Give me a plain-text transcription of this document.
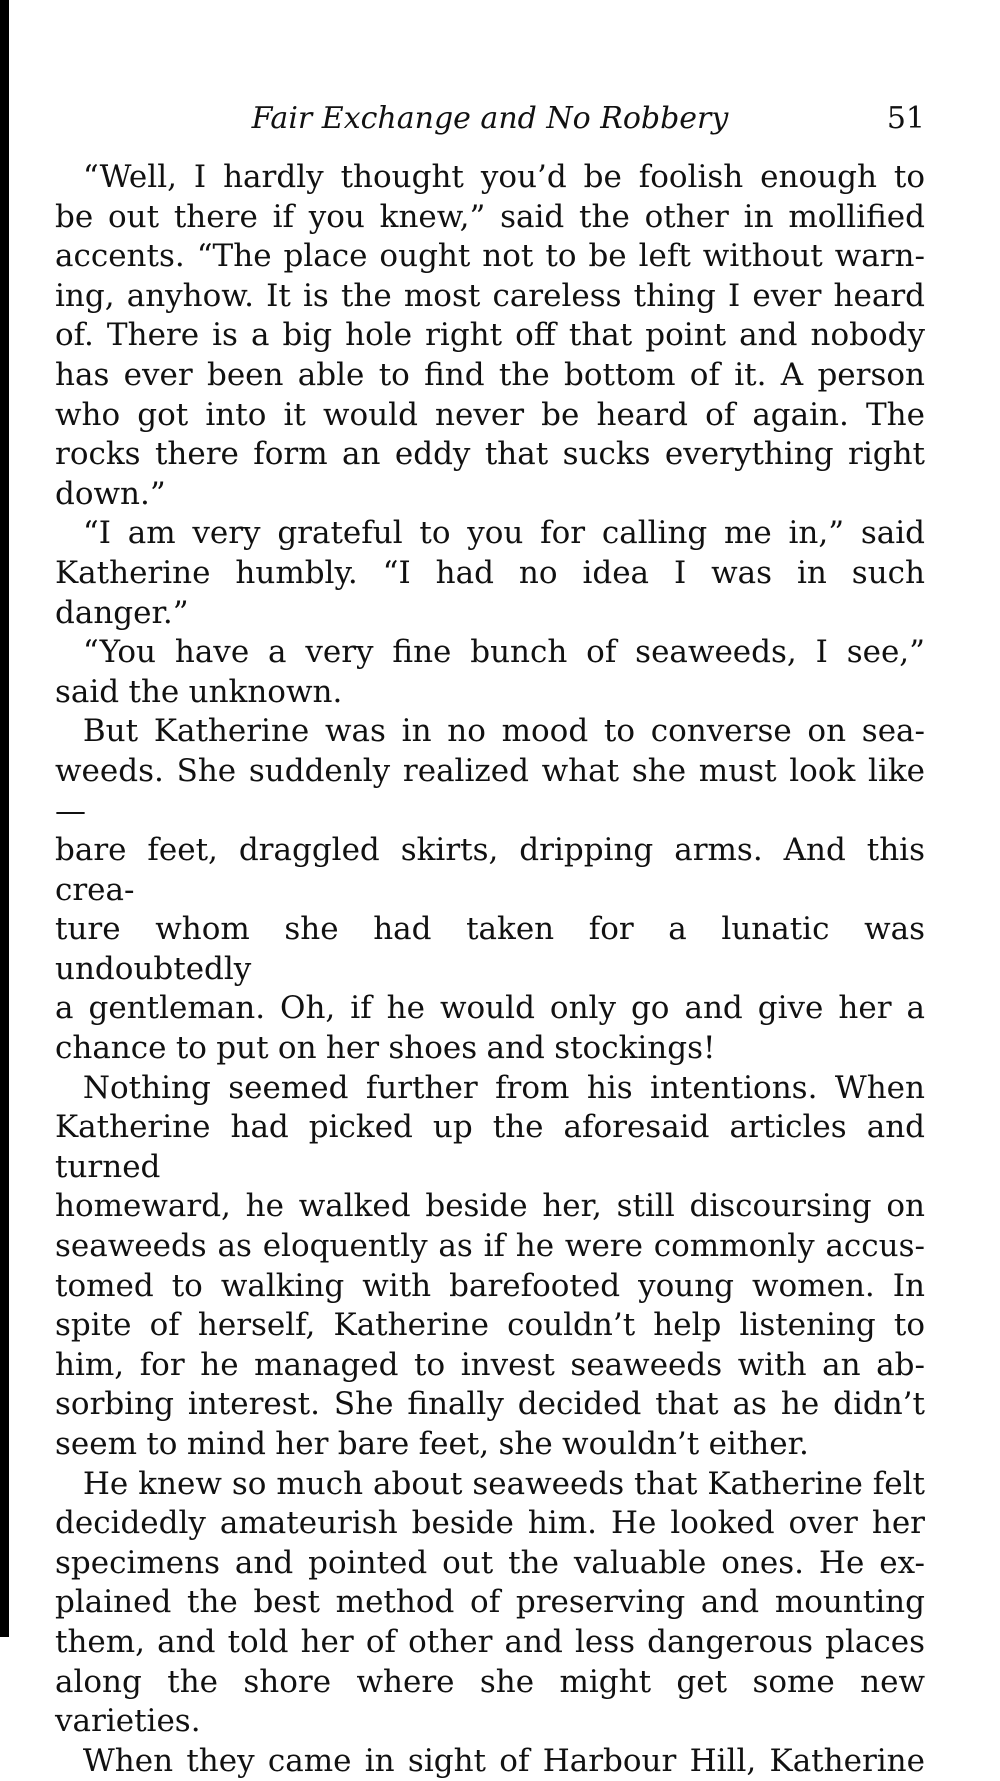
Fair Exchange and No Robbery	51

“Well, I hardly thought you’d be foolish enough to
be out there if you knew,” said the other in mollified
accents. “The place ought not to be left without warn-
ing, anyhow. It is the most careless thing I ever heard
of. There is a big hole right off that point and nobody
has ever been able to find the bottom of it. A person
who got into it would never be heard of again. The
rocks there form an eddy that sucks everything right
down.”

“I am very grateful to you for calling me in,” said
Katherine humbly. “I had no idea I was in such danger.”

“You have a very fine bunch of seaweeds, I see,”
said the unknown.

But Katherine was in no mood to converse on sea-
weeds. She suddenly realized what she must look like—
bare feet, draggled skirts, dripping arms. And this crea-
ture whom she had taken for a lunatic was undoubtedly
a gentleman. Oh, if he would only go and give her a
chance to put on her shoes and stockings!

Nothing seemed further from his intentions. When
Katherine had picked up the aforesaid articles and turned
homeward, he walked beside her, still discoursing on
seaweeds as eloquently as if he were commonly accus-
tomed to walking with barefooted young women. In
spite of herself, Katherine couldn’t help listening to
him, for he managed to invest seaweeds with an ab-
sorbing interest. She finally decided that as he didn’t
seem to mind her bare feet, she wouldn’t either.

He knew so much about seaweeds that Katherine felt
decidedly amateurish beside him. He looked over her
specimens and pointed out the valuable ones. He ex-
plained the best method of preserving and mounting
them, and told her of other and less dangerous places
along the shore where she might get some new varieties.

When they came in sight of Harbour Hill, Katherine
